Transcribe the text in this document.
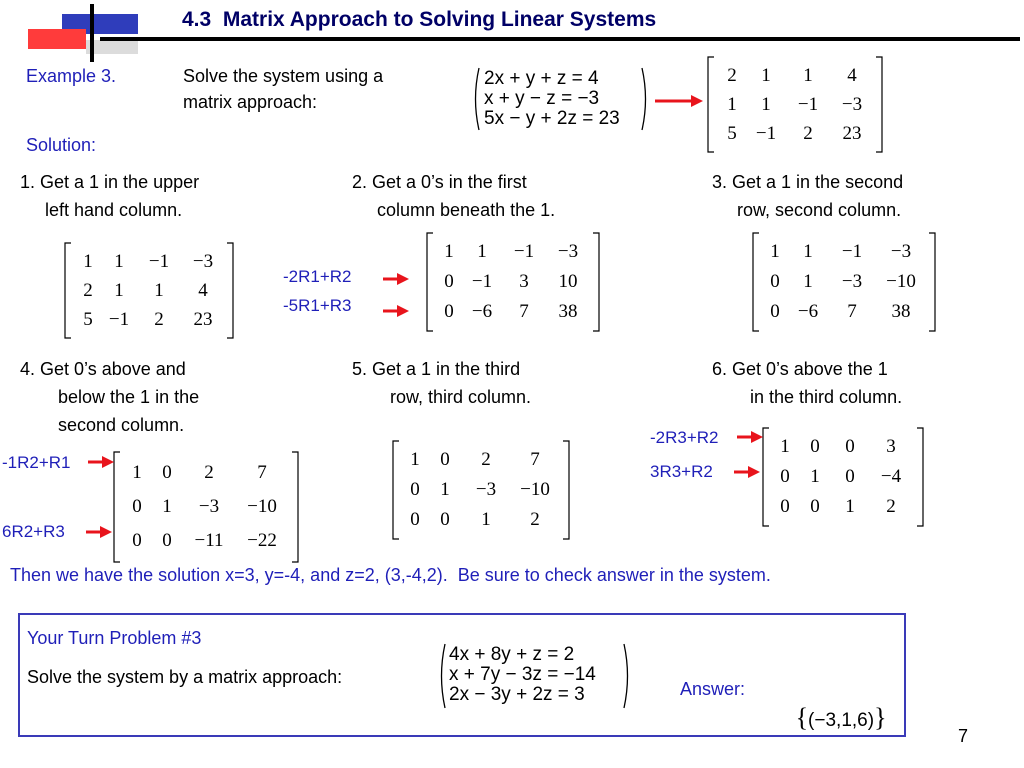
4.3  Matrix Approach to Solving Linear Systems
Example 3.	Solve the system using a
matrix approach:
Solution:
2x + y + z = 4
x + y − z = −3
5x − y + 2z = 23
2	1	1	4
1	1	−1	−3
5	−1	2	23
1. Get a 1 in the upper
left hand column.
2. Get a 0’s in the first
column beneath the 1.
3. Get a 1 in the second
row, second column.
4. Get 0’s above and
below the 1 in the
second column.
5. Get a 1 in the third
row, third column.
6. Get 0’s above the 1
in the third column.
1	1	−1	−3
2	1	1	4
5	−1	2	23
1	1	−1	−3
0	−1	3	10
0	−6	7	38
1	1	−1	−3
0	1	−3	−10
0	−6	7	38
1	0	2	7
0	1	−3	−10
0	0	−11	−22
1	0	2	7
0	1	−3	−10
0	0	1	2
1	0	0	3
0	1	0	−4
0	0	1	2
-2R1+R2
-5R1+R3
-1R2+R1
6R2+R3
-2R3+R2
3R3+R2
Then we have the solution x=3, y=-4, and z=2, (3,-4,2).  Be sure to check answer in the system.
Your Turn Problem #3
Solve the system by a matrix approach:
4x + 8y + z = 2
x + 7y − 3z = −14
2x − 3y + 2z = 3	Answer:

{(−3,1,6)}

7
